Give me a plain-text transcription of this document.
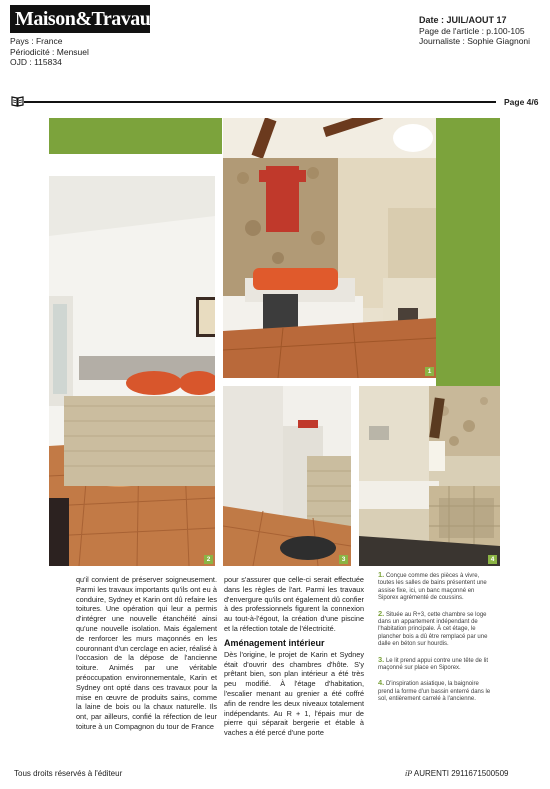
Maison&Travaux	Date : JUIL/AOUT 17
Page de l'article : p.100-105
Journaliste : Sophie Giagnoni
Pays : France
Périodicité : Mensuel
OJD : 115834
Page 4/6
2
1
3	4

qu'il convient de préserver soigneusement. Parmi les travaux importants qu'ils ont eu à conduire, Sydney et Karin ont dû refaire les toitures. Une opération qui leur a permis d'intégrer une nouvelle étanchéité ainsi qu'une nouvelle isolation. Mais également de renforcer les murs maçonnés en les couronnant d'un cerclage en acier, réalisé à l'occasion de la dépose de l'ancienne toiture. Animés par une véritable préoccupation environnementale, Karin et Sydney ont opté dans ces travaux pour la mise en œuvre de produits sains, comme la laine de bois ou la chaux naturelle. Ils ont, par ailleurs, confié la réfection de leur toiture à un Compagnon du tour de France

pour s'assurer que celle-ci serait effectuée dans les règles de l'art. Parmi les travaux d'envergure qu'ils ont également dû confier à des professionnels figurent la connexion au tout-à-l'égout, la création d'une piscine et la réfection totale de l'électricité.

Aménagement intérieur

Dès l'origine, le projet de Karin et Sydney était d'ouvrir des chambres d'hôte. S'y prêtant bien, son plan intérieur a été très peu modifié. À l'étage d'habitation, l'escalier menant au grenier a été coffré afin de rendre les deux niveaux totalement indépendants. Au R + 1, l'épais mur de pierre qui séparait bergerie et étable à vaches a été percé d'une porte

1. Conçue comme des pièces à vivre, toutes les salles de bains présentent une assise fixe, ici, un banc maçonné en Siporex agrémenté de coussins.
2. Située au R+3, cette chambre se loge dans un appartement indépendant de l'habitation principale. À cet étage, le plancher bois a dû être remplacé par une dalle en béton sur hourdis.
3. Le lit prend appui contre une tête de lit maçonné sur place en Siporex.
4. D'inspiration asiatique, la baignoire prend la forme d'un bassin enterré dans le sol, entièrement carrelé à l'ancienne.
Tous droits réservés à l'éditeur	íP AURENTI 2911671500509
